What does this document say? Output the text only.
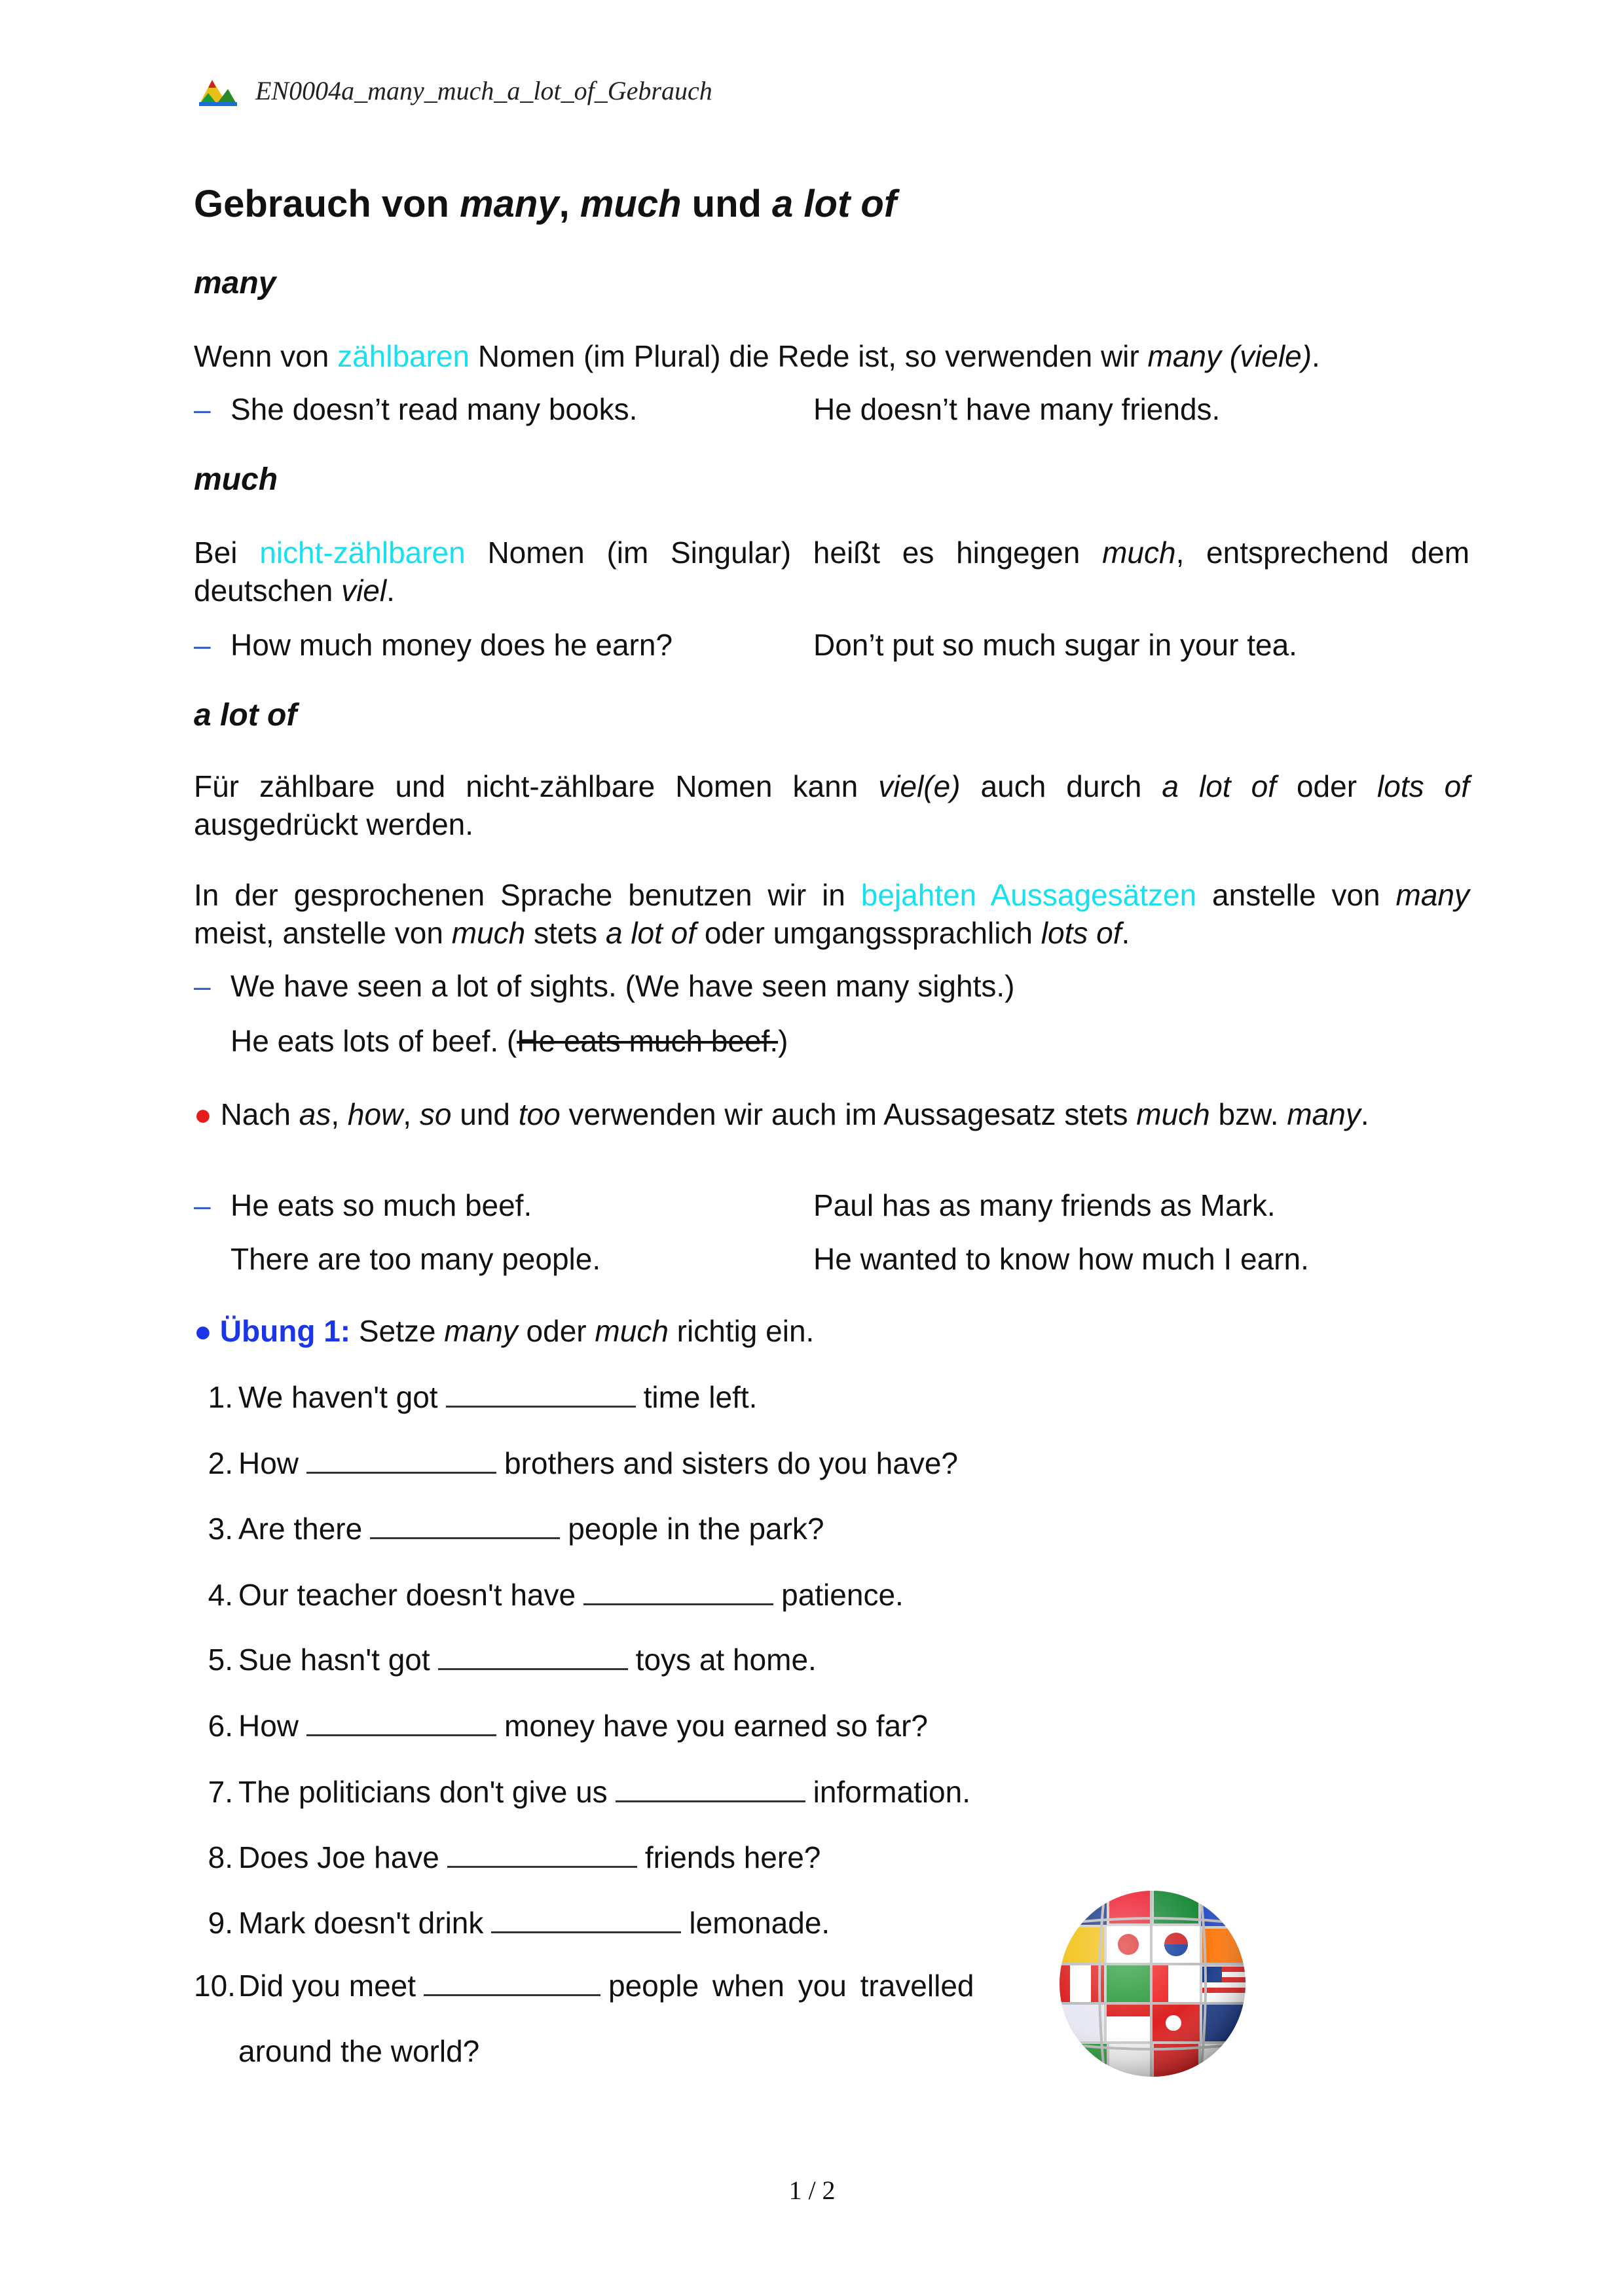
EN0004a_many_much_a_lot_of_Gebrauch
Gebrauch von many, much und a lot of
many
Wenn von zählbaren Nomen (im Plural) die Rede ist, so verwenden wir many (viele).
– She doesn’t read many books.	He doesn’t have many friends.
much
Bei nicht-zählbaren Nomen (im Singular) heißt es hingegen much, entsprechend dem deutschen viel.
– How much money does he earn?	Don’t put so much sugar in your tea.
a lot of
Für zählbare und nicht-zählbare Nomen kann viel(e) auch durch a lot of oder lots of ausgedrückt werden.
In der gesprochenen Sprache benutzen wir in bejahten Aussagesätzen anstelle von many meist, anstelle von much stets a lot of oder umgangssprachlich lots of.
– We have seen a lot of sights. (We have seen many sights.)
He eats lots of beef. (He eats much beef.)
● Nach as, how, so und too verwenden wir auch im Aussagesatz stets much bzw. many.
– He eats so much beef.	Paul has as many friends as Mark.
There are too many people.	He wanted to know how much I earn.
● Übung 1: Setze many oder much richtig ein.
1. We haven't got	time left.
2. How	brothers and sisters do you have?
3. Are there	people in the park?
4. Our teacher doesn't have	patience.
5. Sue hasn't got	toys at home.
6. How	money have you earned so far?
7. The politicians don't give us	information.
8. Does Joe have	friends here?
9. Mark doesn't drink	lemonade.
10. Did you meet	people when you travelled
around the world?
1 / 2
